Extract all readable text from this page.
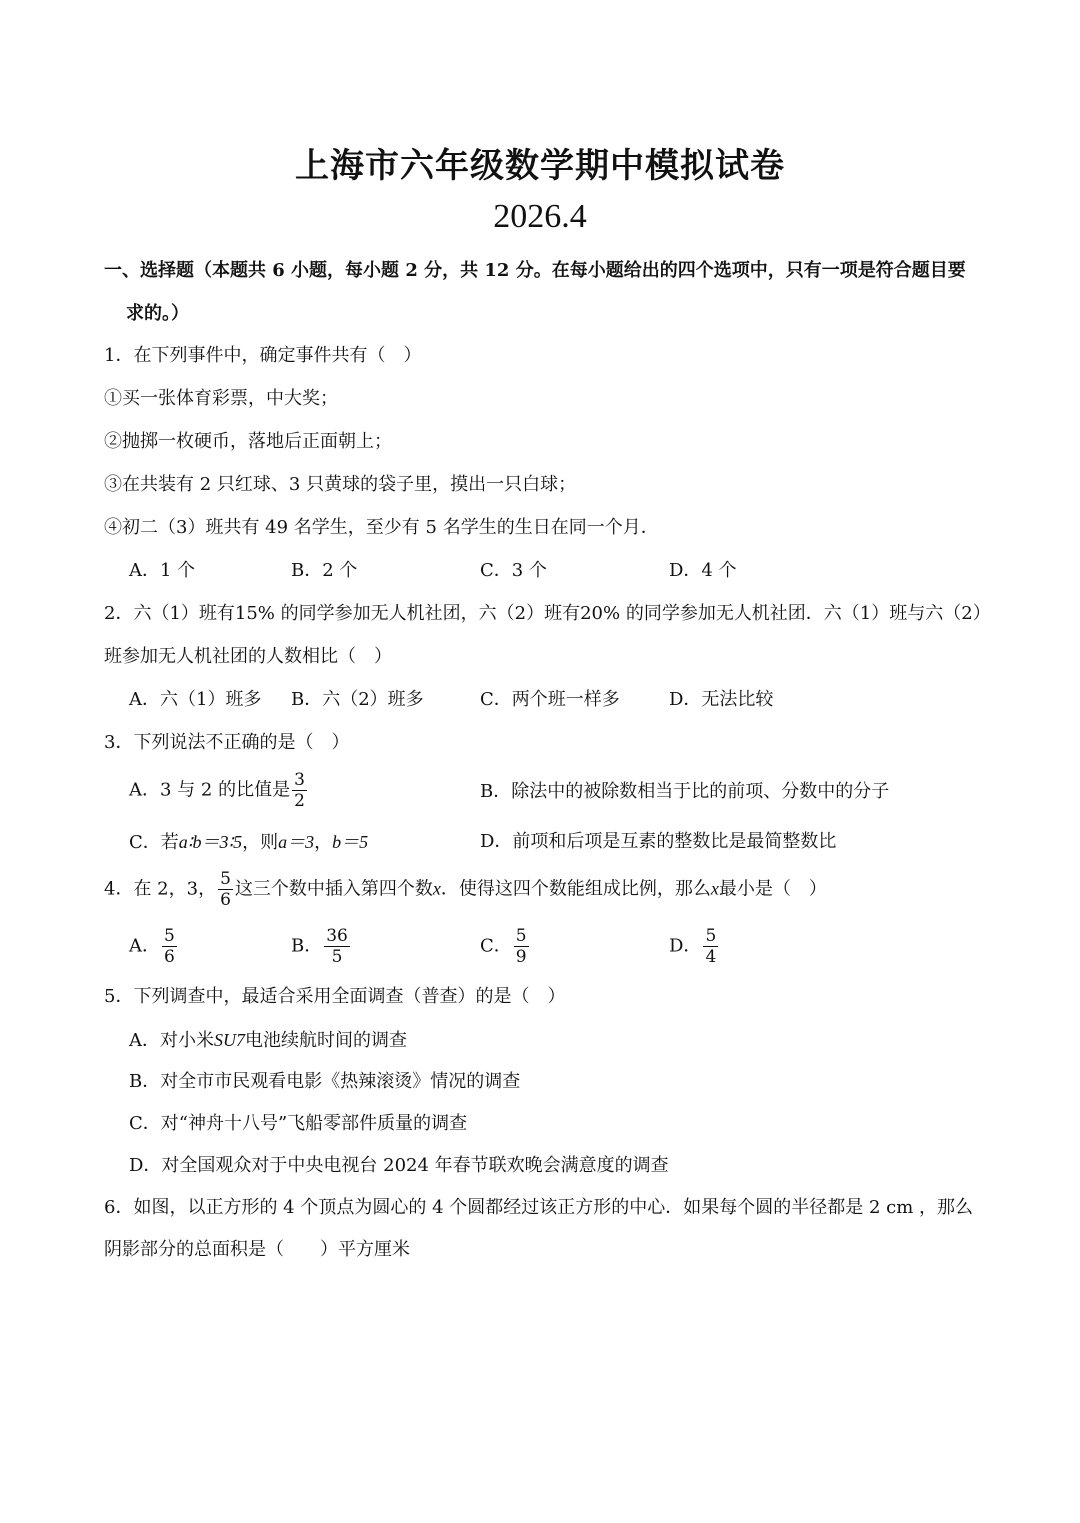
上海市六年级数学期中模拟试卷
2026.4
一、选择题（本题共 6 小题，每小题 2 分，共 12 分。在每小题给出的四个选项中，只有一项是符合题目要
求的。）
1．在下列事件中，确定事件共有（　）
①买一张体育彩票，中大奖；
②抛掷一枚硬币，落地后正面朝上；
③在共装有 2 只红球、3 只黄球的袋子里，摸出一只白球；
④初二（3）班共有 49 名学生，至少有 5 名学生的生日在同一个月．
A．1 个	B．2 个	C．3 个	D．4 个
2．六（1）班有15% 的同学参加无人机社团，六（2）班有20% 的同学参加无人机社团．六（1）班与六（2）
班参加无人机社团的人数相比（　）
A．六（1）班多 B．六（2）班多	C．两个班一样多	D．无法比较
3．下列说法不正确的是（　）
A．3 与 2 的比值是 $\frac{3}{2}$	B．除法中的被除数相当于比的前项、分数中的分子
C．若a∶b＝3∶5，则a＝3，b＝5	D．前项和后项是互素的整数比是最简整数比
4．在 2，3， $\frac{5}{6}$ 这三个数中插入第四个数x．使得这四个数能组成比例，那么x最小是（　）
A． $\frac{5}{6}$	B． $\frac{36}{5}$	C． $\frac{5}{9}$	D． $\frac{5}{4}$
5．下列调查中，最适合采用全面调查（普查）的是（　）
A．对小米SU7电池续航时间的调查
B．对全市市民观看电影《热辣滚烫》情况的调查
C．对“神舟十八号”飞船零部件质量的调查
D．对全国观众对于中央电视台 2024 年春节联欢晚会满意度的调查
6．如图，以正方形的 4 个顶点为圆心的 4 个圆都经过该正方形的中心．如果每个圆的半径都是 2 cm ，那么
阴影部分的总面积是（　　）平方厘米
